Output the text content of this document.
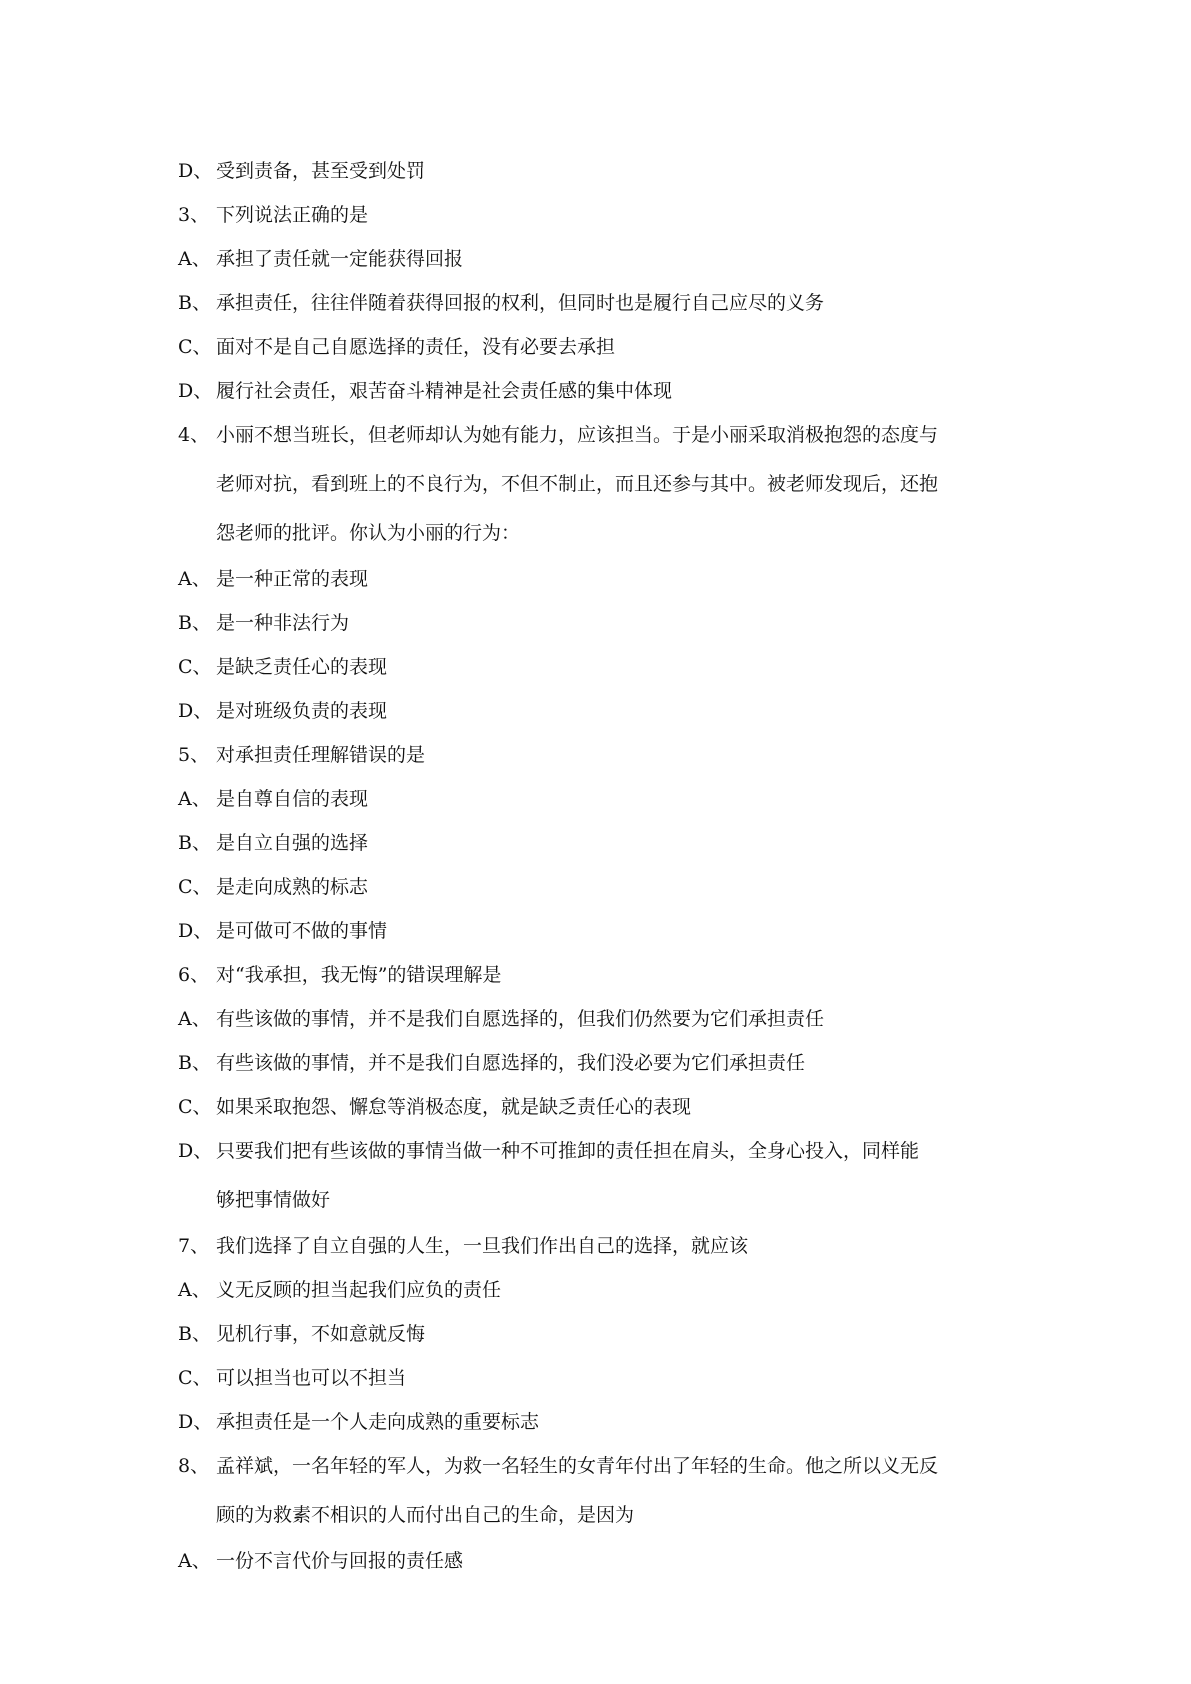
D、 受到责备，甚至受到处罚
3、 下列说法正确的是
A、 承担了责任就一定能获得回报
B、 承担责任，往往伴随着获得回报的权利，但同时也是履行自己应尽的义务
C、 面对不是自己自愿选择的责任，没有必要去承担
D、 履行社会责任，艰苦奋斗精神是社会责任感的集中体现
4、 小丽不想当班长，但老师却认为她有能力，应该担当。于是小丽采取消极抱怨的态度与
老师对抗，看到班上的不良行为，不但不制止，而且还参与其中。被老师发现后，还抱
怨老师的批评。你认为小丽的行为：
A、 是一种正常的表现
B、 是一种非法行为
C、 是缺乏责任心的表现
D、 是对班级负责的表现
5、 对承担责任理解错误的是
A、 是自尊自信的表现
B、 是自立自强的选择
C、 是走向成熟的标志
D、 是可做可不做的事情
6、 对“我承担，我无悔”的错误理解是
A、 有些该做的事情，并不是我们自愿选择的，但我们仍然要为它们承担责任
B、 有些该做的事情，并不是我们自愿选择的，我们没必要为它们承担责任
C、 如果采取抱怨、懈怠等消极态度，就是缺乏责任心的表现
D、 只要我们把有些该做的事情当做一种不可推卸的责任担在肩头，全身心投入，同样能
够把事情做好
7、 我们选择了自立自强的人生，一旦我们作出自己的选择，就应该
A、 义无反顾的担当起我们应负的责任
B、 见机行事，不如意就反悔
C、 可以担当也可以不担当
D、 承担责任是一个人走向成熟的重要标志
8、 孟祥斌，一名年轻的军人，为救一名轻生的女青年付出了年轻的生命。他之所以义无反
顾的为救素不相识的人而付出自己的生命，是因为
A、 一份不言代价与回报的责任感
